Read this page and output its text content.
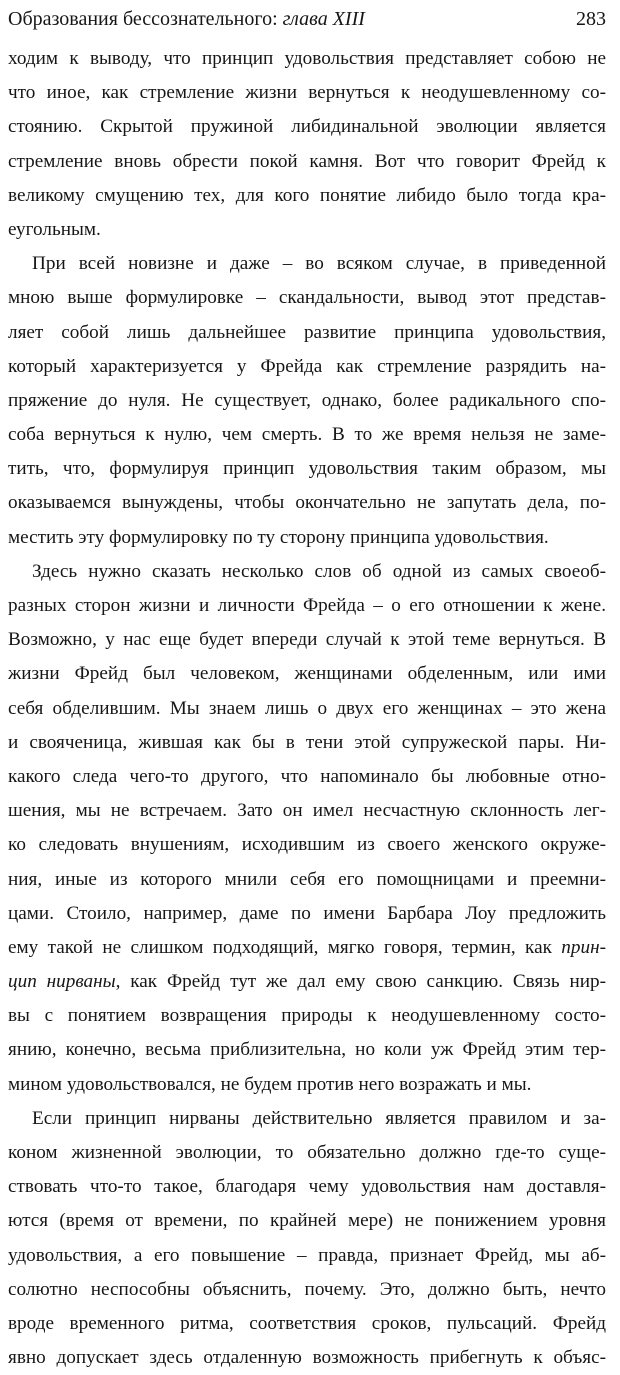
Образования бессознательного: глава XIII	283
ходим к выводу, что принцип удовольствия представляет собою не
что иное, как стремление жизни вернуться к неодушевленному со-
стоянию. Скрытой пружиной либидинальной эволюции является
стремление вновь обрести покой камня. Вот что говорит Фрейд к
великому смущению тех, для кого понятие либидо было тогда кра-
еугольным.
При всей новизне и даже – во всяком случае, в приведенной
мною выше формулировке – скандальности, вывод этот представ-
ляет собой лишь дальнейшее развитие принципа удовольствия,
который характеризуется у Фрейда как стремление разрядить на-
пряжение до нуля. Не существует, однако, более радикального спо-
соба вернуться к нулю, чем смерть. В то же время нельзя не заме-
тить, что, формулируя принцип удовольствия таким образом, мы
оказываемся вынуждены, чтобы окончательно не запутать дела, по-
местить эту формулировку по ту сторону принципа удовольствия.
Здесь нужно сказать несколько слов об одной из самых своеоб-
разных сторон жизни и личности Фрейда – о его отношении к жене.
Возможно, у нас еще будет впереди случай к этой теме вернуться. В
жизни Фрейд был человеком, женщинами обделенным, или ими
себя обделившим. Мы знаем лишь о двух его женщинах – это жена
и свояченица, жившая как бы в тени этой супружеской пары. Ни-
какого следа чего-то другого, что напоминало бы любовные отно-
шения, мы не встречаем. Зато он имел несчастную склонность лег-
ко следовать внушениям, исходившим из своего женского окруже-
ния, иные из которого мнили себя его помощницами и преемни-
цами. Стоило, например, даме по имени Барбара Лоу предложить
ему такой не слишком подходящий, мягко говоря, термин, как прин-
цип нирваны, как Фрейд тут же дал ему свою санкцию. Связь нир-
вы с понятием возвращения природы к неодушевленному состо-
янию, конечно, весьма приблизительна, но коли уж Фрейд этим тер-
мином удовольствовался, не будем против него возражать и мы.
Если принцип нирваны действительно является правилом и за-
коном жизненной эволюции, то обязательно должно где-то суще-
ствовать что-то такое, благодаря чему удовольствия нам доставля-
ются (время от времени, по крайней мере) не понижением уровня
удовольствия, а его повышение – правда, признает Фрейд, мы аб-
солютно неспособны объяснить, почему. Это, должно быть, нечто
вроде временного ритма, соответствия сроков, пульсаций. Фрейд
явно допускает здесь отдаленную возможность прибегнуть к объяс-
